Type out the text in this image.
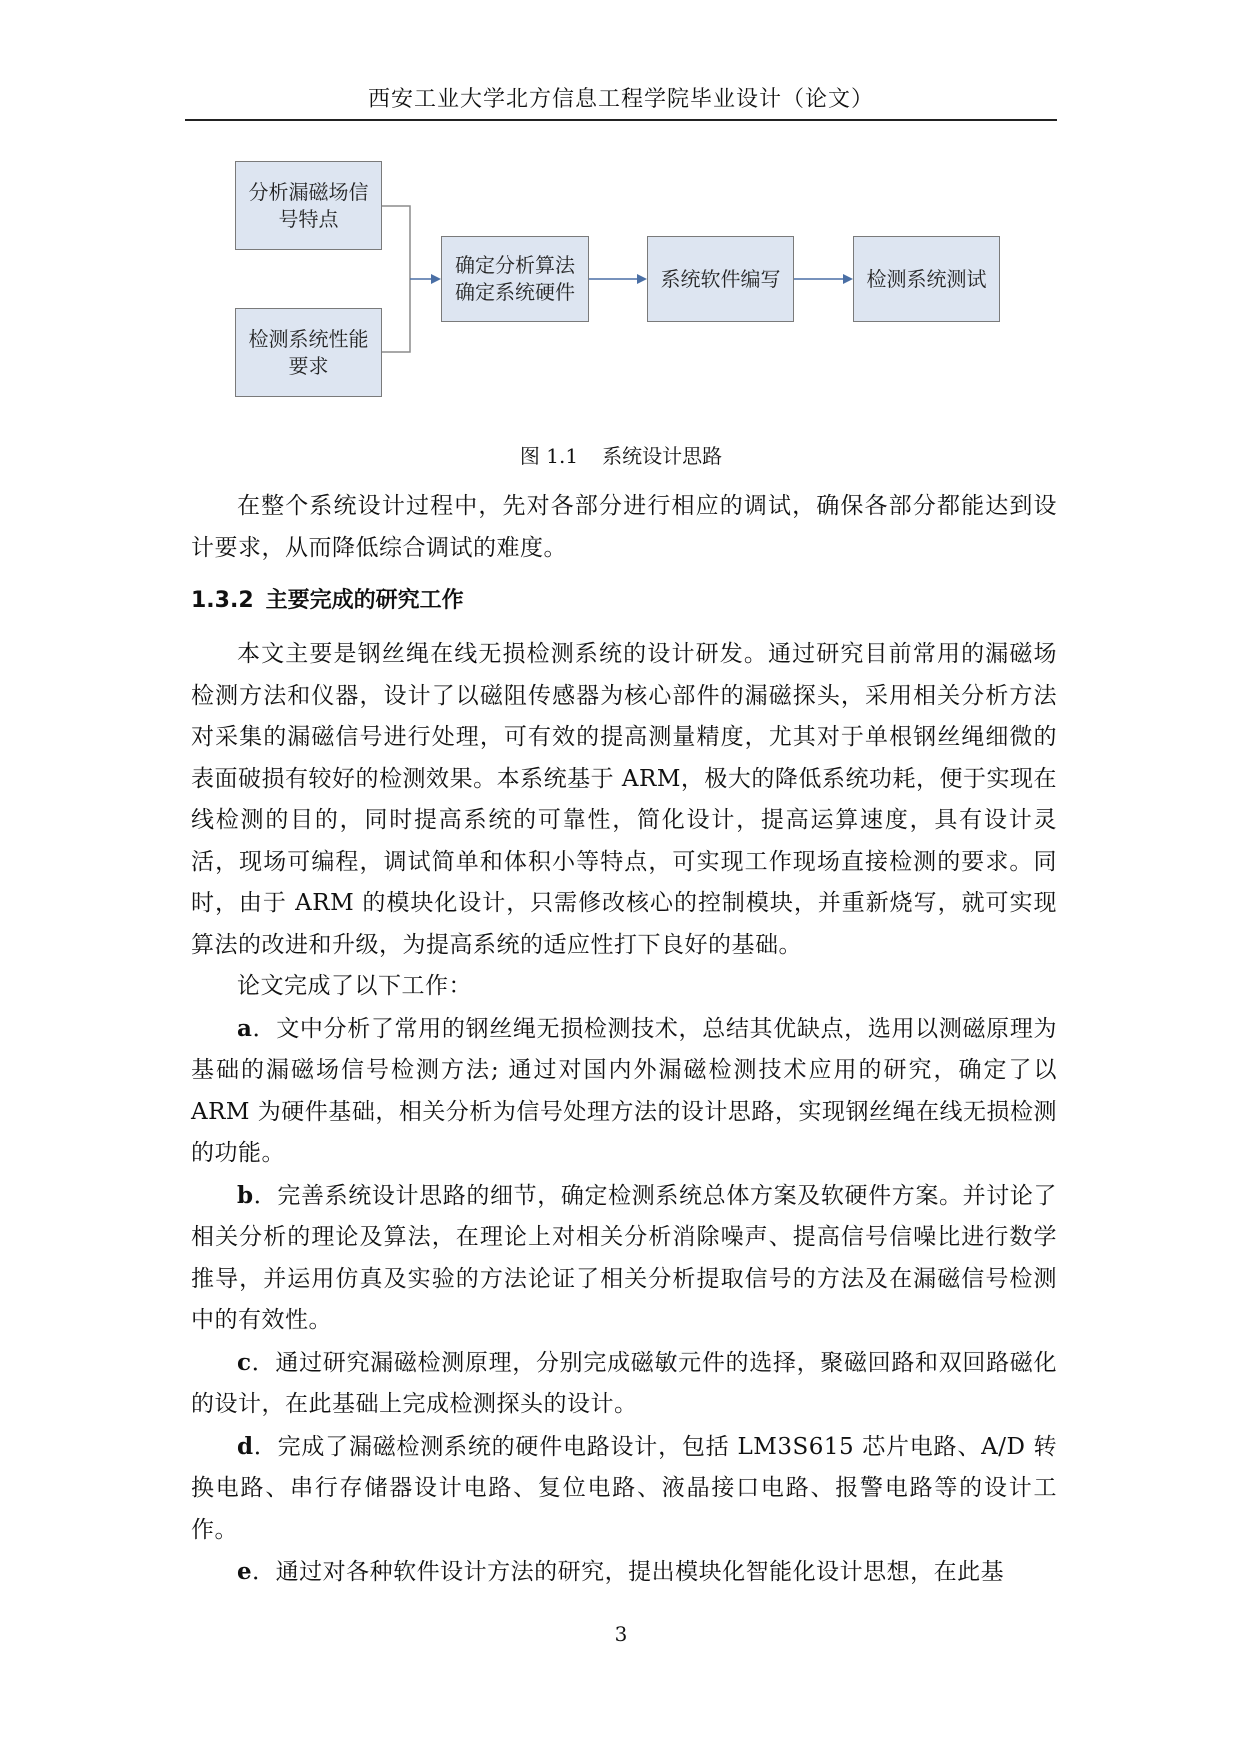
西安工业大学北方信息工程学院毕业设计（论文）
分析漏磁场信
号特点
检测系统性能
要求
确定分析算法
确定系统硬件
系统软件编写	检测系统测试
图 1.1 系统设计思路

在整个系统设计过程中，先对各部分进行相应的调试，确保各部分都能达到设计要求，从而降低综合调试的难度。

1.3.2 主要完成的研究工作

本文主要是钢丝绳在线无损检测系统的设计研发。通过研究目前常用的漏磁场检测方法和仪器，设计了以磁阻传感器为核心部件的漏磁探头，采用相关分析方法对采集的漏磁信号进行处理，可有效的提高测量精度，尤其对于单根钢丝绳细微的表面破损有较好的检测效果。本系统基于 ARM，极大的降低系统功耗，便于实现在线检测的目的，同时提高系统的可靠性，简化设计，提高运算速度，具有设计灵活，现场可编程，调试简单和体积小等特点，可实现工作现场直接检测的要求。同时，由于 ARM 的模块化设计，只需修改核心的控制模块，并重新烧写，就可实现算法的改进和升级，为提高系统的适应性打下良好的基础。

论文完成了以下工作：

a．文中分析了常用的钢丝绳无损检测技术，总结其优缺点，选用以测磁原理为基础的漏磁场信号检测方法; 通过对国内外漏磁检测技术应用的研究，确定了以 ARM 为硬件基础，相关分析为信号处理方法的设计思路，实现钢丝绳在线无损检测的功能。

b．完善系统设计思路的细节，确定检测系统总体方案及软硬件方案。并讨论了相关分析的理论及算法，在理论上对相关分析消除噪声、提高信号信噪比进行数学推导，并运用仿真及实验的方法论证了相关分析提取信号的方法及在漏磁信号检测中的有效性。

c．通过研究漏磁检测原理，分别完成磁敏元件的选择，聚磁回路和双回路磁化的设计，在此基础上完成检测探头的设计。

d．完成了漏磁检测系统的硬件电路设计，包括 LM3S615 芯片电路、A/D 转换电路、串行存储器设计电路、复位电路、液晶接口电路、报警电路等的设计工作。

e．通过对各种软件设计方法的研究，提出模块化智能化设计思想，在此基

3
